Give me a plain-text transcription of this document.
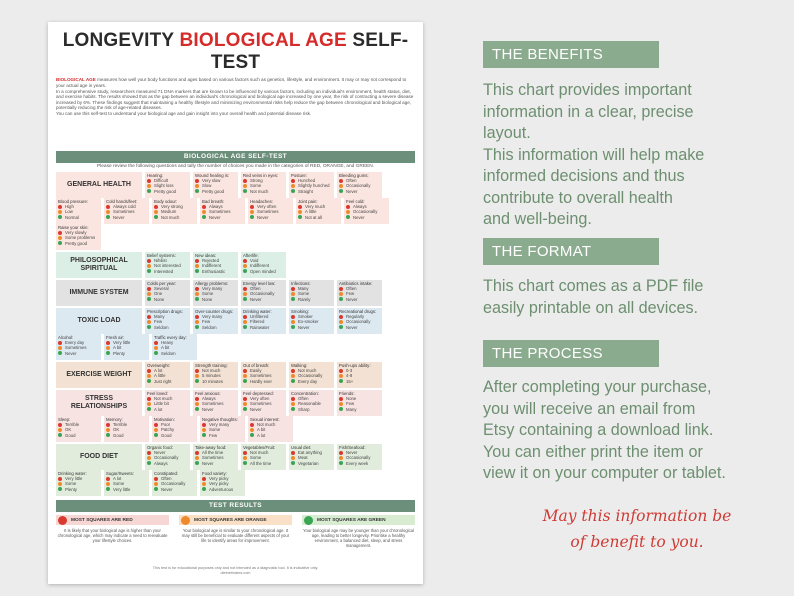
LONGEVITY BIOLOGICAL AGE SELF-TEST

BIOLOGICAL AGE measures how well your body functions and ages based on various factors such as genetics, lifestyle, and environment. It may or may not correspond to your actual age in years.

In a comprehensive study, researchers measured 71 DNA markers that are known to be influenced by various factors, including an individual's environment, health status, diet, and exercise habits. The results showed that as the gap between an individual's chronological and biological age increased by one year, the risk of contracting a severe disease increased by 6%. These findings suggest that maintaining a healthy lifestyle and minimizing environmental risks help reduce the gap between chronological and biological age, potentially reducing the risk of age-related diseases.

You can use this self-test to understand your biological age and gain insight into your overall health and potential disease risk.

BIOLOGICAL AGE SELF-TEST
Please review the following questions and tally the number of choices you made in the categories of RED, ORANGE, and GREEN.
GENERAL HEALTH
Hearing:
Difficult
Slight loss
Pretty good
Wound healing is:
Very slow
Slow
Pretty good
Red veins in eyes:
Strong
Some
Not much
Posture:
Hunched
Slightly hunched
Straight
Bleeding gums:
Often
Occasionally
Never
Blood pressure:
High
Low
Normal
Cold hands/feet:
Always cold
Sometimes
Never
Body odour:
Very strong
Medium
Not much
Bad breath:
Always
Sometimes
Never
Headaches:
Very often
Sometimes
Never
Joint pain:
Very much
A little
Not at all
Feel cold:
Always
Occasionally
Never
Raise your skin:
Very slowly
Some problems
Pretty good
PHILOSOPHICAL SPIRITUAL
Belief systems:
Nihilist
Not interested
Interested
New ideas:
Rejected
Indifferent
Enthusiastic
Afterlife:
Void
Indifferent
Open minded
IMMUNE SYSTEM
Colds per year:
Several
One
None
Allergy problems:
Very many
Some
None
Energy level low:
Often
Occasionally
Never
Infections:
Many
Some
Rarely
Antibiotics intake:
Often
Few
Never
TOXIC LOAD
Prescription drugs:
Many
Few
Seldom
Over-counter drugs:
Very many
Few
Seldom
Drinking water:
Unfiltered
Filtered
Rainwater
Smoking:
Smoker
Ex-smoker
Never
Recreational drugs:
Regularly
Occasionally
Never
Alcohol:
Every day
Sometimes
Never
Fresh air:
Very little
A bit
Plenty
Traffic every day:
Heavy
A bit
Seldom
EXERCISE WEIGHT
Overweight:
A lot
A little
Just right
Strength training:
Not much
5 minutes
10 minutes
Out of breath:
Easily
Sometimes
Hardly ever
Walking:
Not much
Occasionally
Every day
Push-ups ability:
0-3
4-8
15+
STRESS RELATIONSHIPS
Feel loved:
Not much
Little bit
A lot
Feel anxious:
Always
Sometimes
Never
Feel depressed:
Very often
Sometimes
Never
Concentration:
Often
Reasonable
Sharp
Friends:
None
Few
Many
Sleep:
Terrible
OK
Good
Memory:
Terrible
OK
Good
Motivation:
Poor
Patchy
Good
Negative thoughts:
Very many
Some
Few
Sexual interest:
Not much
A bit
A lot
FOOD DIET
Organic food:
Never
Occasionally
Always
Take-away food:
All the time
Sometimes
Never
Vegetables/Fruit:
Not much
Some
All the time
Usual diet:
Eat anything
Meat
Vegetarian
Fish/Seafood:
Never
Occasionally
Every week
Drinking water:
Very little
Some
Plenty
Sugar/Sweets:
A lot
Some
Very little
Constipated:
Often
Occasionally
Never
Food variety:
Very picky
Very picky
Adventurous
TEST RESULTS
MOST SQUARES ARE RED
It is likely that your biological age is higher than your chronological age, which may indicate a need to reevaluate your lifestyle choices.
MOST SQUARES ARE ORANGE
Your biological age is similar to your chronological age. It may still be beneficial to evaluate different aspects of your life to identify areas for improvement.
MOST SQUARES ARE GREEN
Your biological age may be younger than your chronological age, leading to better longevity. Prioritise a healthy environment, a balanced diet, sleep, and stress management.
This test is for educational purposes only and not intended as a diagnostic tool. It is indicative only.
dietnetinders.com
THE BENEFITS
This chart provides important
information in a clear, precise
layout.
This information will help make
informed decisions and thus
contribute to overall health
and well-being.
THE FORMAT
This chart comes as a PDF file
easily printable on all devices.
THE PROCESS
After completing your purchase,
you will receive an email from
Etsy containing a download link.
You can either print the item or
view it on your computer or tablet.
May this information be
of benefit to you.
